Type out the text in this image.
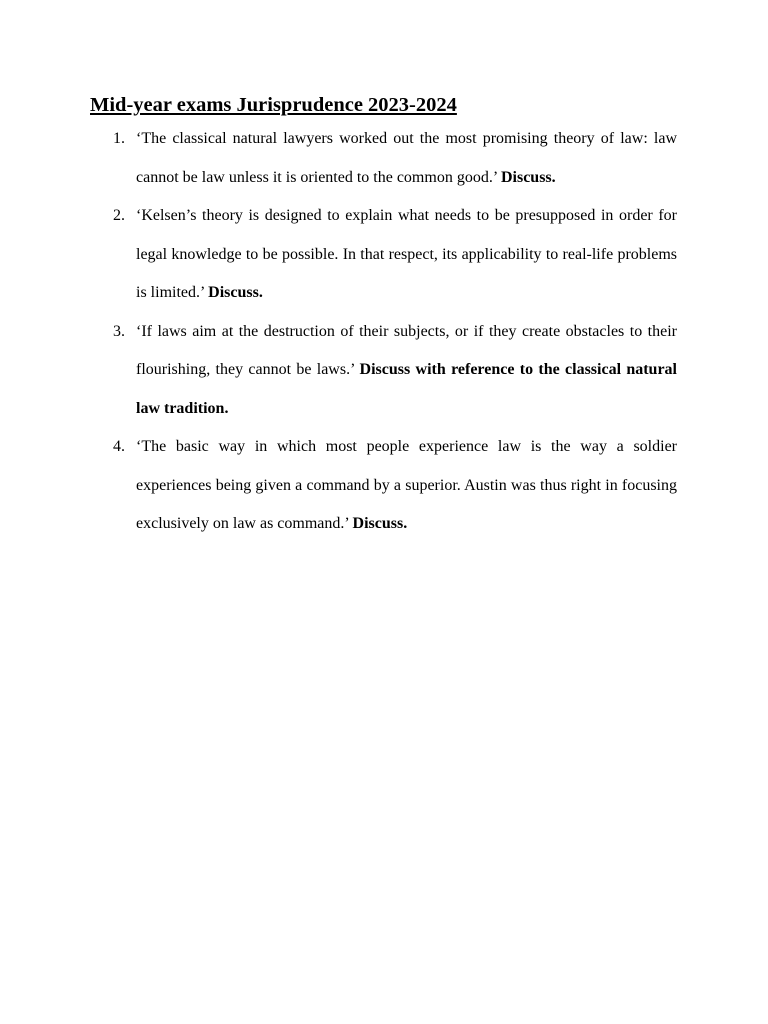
Mid-year exams Jurisprudence 2023-2024
1. ‘The classical natural lawyers worked out the most promising theory of law: law cannot be law unless it is oriented to the common good.’ Discuss.
2. ‘Kelsen’s theory is designed to explain what needs to be presupposed in order for legal knowledge to be possible. In that respect, its applicability to real-life problems is limited.’ Discuss.
3. ‘If laws aim at the destruction of their subjects, or if they create obstacles to their flourishing, they cannot be laws.’ Discuss with reference to the classical natural law tradition.
4. ‘The basic way in which most people experience law is the way a soldier experiences being given a command by a superior. Austin was thus right in focusing exclusively on law as command.’ Discuss.
